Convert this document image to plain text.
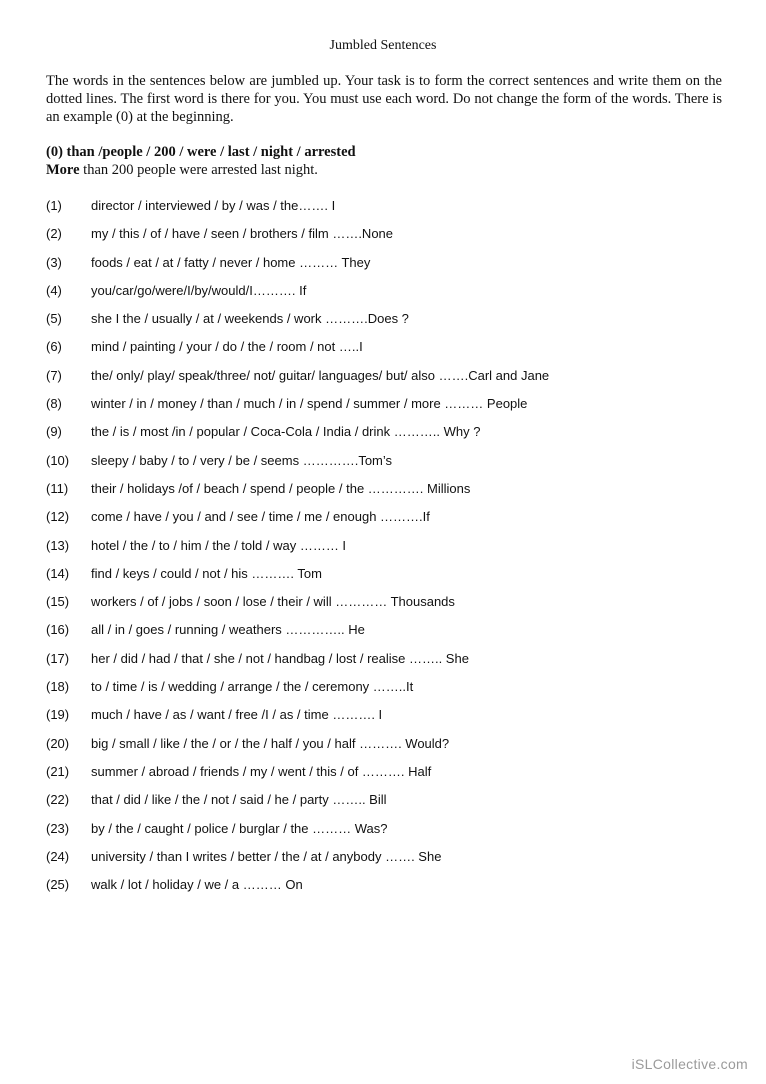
Jumbled Sentences

The words in the sentences below are jumbled up. Your task is to form the correct sentences and write them on the dotted lines. The first word is there for you. You must use each word. Do not change the form of the words. There is an example (0) at the beginning.

(0) than /people / 200 / were / last / night / arrested
More than 200 people were arrested last night.
(1)	director / interviewed / by / was / the……. I
(2)	my / this / of / have / seen / brothers / film …….None
(3)	foods / eat / at / fatty / never / home ……… They
(4)	you/car/go/were/I/by/would/I………. If
(5)	she I the / usually / at / weekends / work ……….Does ?
(6)	mind / painting / your / do / the / room / not …..I
(7)	the/ only/ play/ speak/three/ not/ guitar/ languages/ but/ also …….Carl and Jane
(8)	winter / in / money / than / much / in / spend / summer / more ……… People
(9)	the / is / most /in / popular / Coca-Cola / India / drink ……….. Why ?
(10)	sleepy / baby / to / very / be / seems ………….Tom’s
(11)	their / holidays /of / beach / spend / people / the …………. Millions
(12)	come / have / you / and / see / time / me / enough ……….If
(13)	hotel / the / to / him / the / told / way ……… I
(14)	find / keys / could / not / his ………. Tom
(15)	workers / of / jobs / soon / lose / their / will ………… Thousands
(16)	all / in / goes / running / weathers ………….. He
(17)	her / did / had / that / she / not / handbag / lost / realise …….. She
(18)	to / time / is / wedding / arrange / the / ceremony ……..It
(19)	much / have / as / want / free /I / as / time ………. I
(20)	big / small / like / the / or / the / half / you / half ………. Would?
(21)	summer / abroad / friends / my / went / this / of ………. Half
(22)	that / did / like / the / not / said / he / party …….. Bill
(23)	by / the / caught / police / burglar / the ……… Was?
(24)	university / than I writes / better / the / at / anybody ……. She
(25)	walk / lot / holiday / we / a ……… On
iSLCollective.com
